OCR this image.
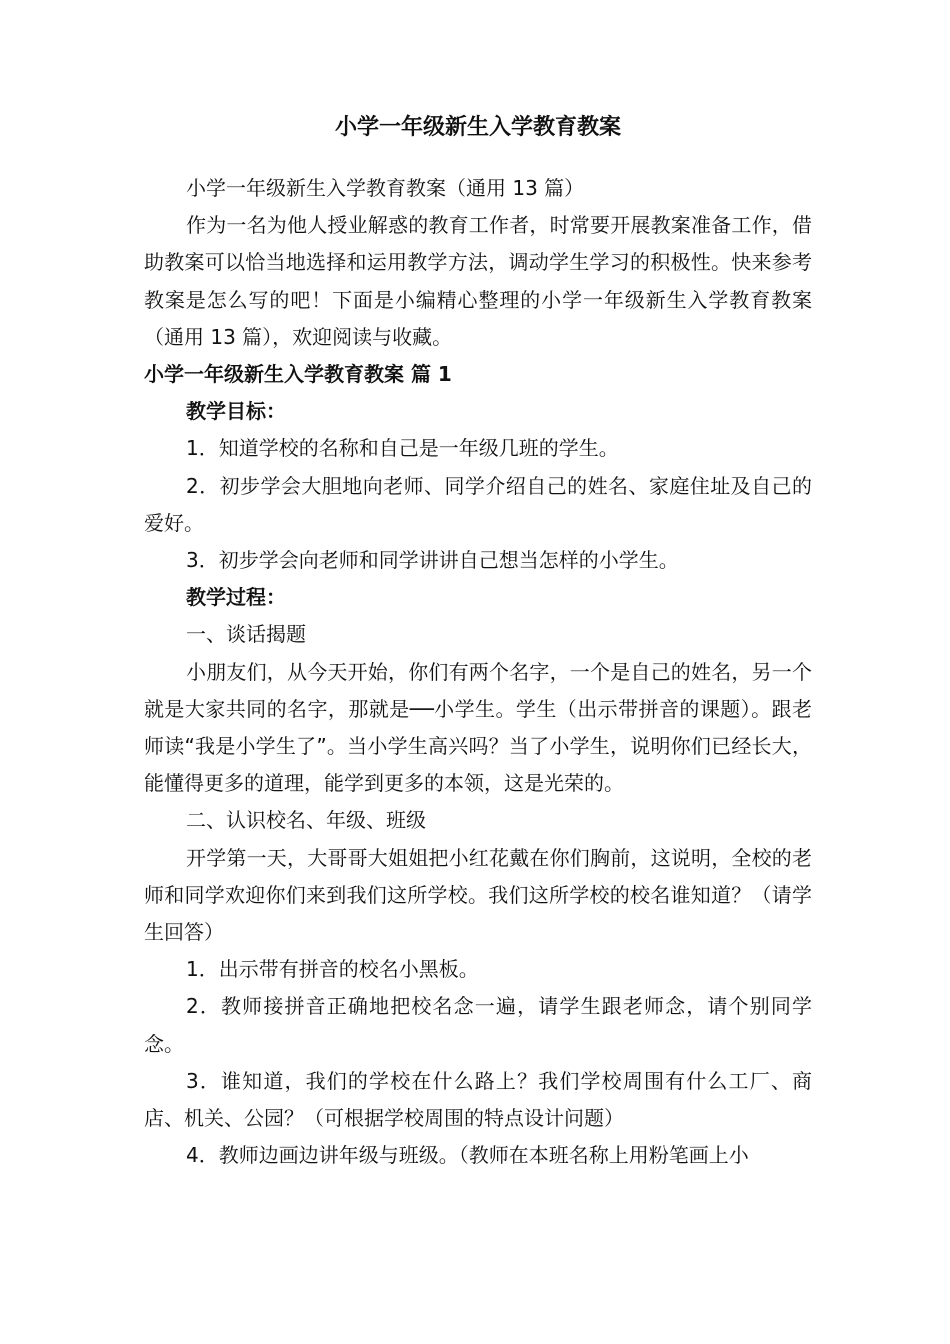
小学一年级新生入学教育教案

小学一年级新生入学教育教案（通用 13 篇）

作为一名为他人授业解惑的教育工作者，时常要开展教案准备工作，借助教案可以恰当地选择和运用教学方法，调动学生学习的积极性。快来参考教案是怎么写的吧！下面是小编精心整理的小学一年级新生入学教育教案（通用 13 篇），欢迎阅读与收藏。

小学一年级新生入学教育教案 篇 1

教学目标：

1．知道学校的名称和自己是一年级几班的学生。

2．初步学会大胆地向老师、同学介绍自己的姓名、家庭住址及自己的爱好。

3．初步学会向老师和同学讲讲自己想当怎样的小学生。

教学过程：

一、谈话揭题

小朋友们，从今天开始，你们有两个名字，一个是自己的姓名，另一个就是大家共同的名字，那就是──小学生。学生（出示带拼音的课题）。跟老师读“我是小学生了”。当小学生高兴吗？当了小学生，说明你们已经长大，能懂得更多的道理，能学到更多的本领，这是光荣的。

二、认识校名、年级、班级

开学第一天，大哥哥大姐姐把小红花戴在你们胸前，这说明，全校的老师和同学欢迎你们来到我们这所学校。我们这所学校的校名谁知道？（请学生回答）

1．出示带有拼音的校名小黑板。

2．教师接拼音正确地把校名念一遍，请学生跟老师念，请个别同学念。

3．谁知道，我们的学校在什么路上？我们学校周围有什么工厂、商店、机关、公园？（可根据学校周围的特点设计问题）

4．教师边画边讲年级与班级。（教师在本班名称上用粉笔画上小
